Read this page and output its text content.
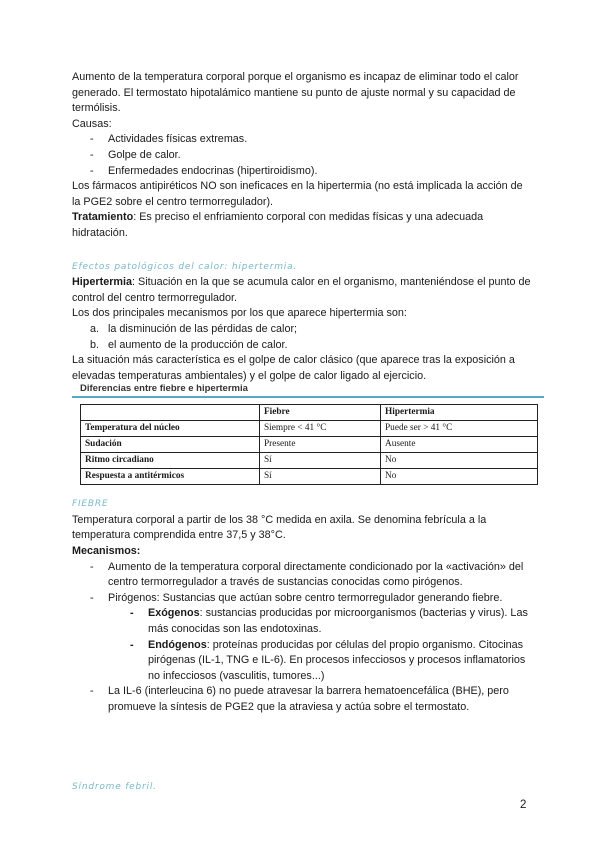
Aumento de la temperatura corporal porque el organismo es incapaz de eliminar todo el calor generado. El termostato hipotalámico mantiene su punto de ajuste normal y su capacidad de termólisis.

Causas:

- Actividades físicas extremas.
- Golpe de calor.
- Enfermedades endocrinas (hipertiroidismo).

Los fármacos antipiréticos NO son ineficaces en la hipertermia (no está implicada la acción de la PGE2 sobre el centro termorregulador).

Tratamiento: Es preciso el enfriamiento corporal con medidas físicas y una adecuada hidratación.

Efectos patológicos del calor: hipertermia.

Hipertermia: Situación en la que se acumula calor en el organismo, manteniéndose el punto de control del centro termorregulador.

Los dos principales mecanismos por los que aparece hipertermia son:

a. la disminución de las pérdidas de calor;
b. el aumento de la producción de calor.

La situación más característica es el golpe de calor clásico (que aparece tras la exposición a elevadas temperaturas ambientales) y el golpe de calor ligado al ejercicio.

Diferencias entre fiebre e hipertermia
	Fiebre	Hipertermia
Temperatura del núcleo	Siempre < 41 °C	Puede ser > 41 °C
Sudación	Presente	Ausente
Ritmo circadiano	Sí	No
Respuesta a antitérmicos	Sí	No

FIEBRE

Temperatura corporal a partir de los 38 °C medida en axila. Se denomina febrícula a la temperatura comprendida entre 37,5 y 38°C.

Mecanismos:

- Aumento de la temperatura corporal directamente condicionado por la «activación» del centro termorregulador a través de sustancias conocidas como pirógenos.
- Pirógenos: Sustancias que actúan sobre centro termorregulador generando fiebre.
- Exógenos: sustancias producidas por microorganismos (bacterias y virus). Las más conocidas son las endotoxinas.
- Endógenos: proteínas producidas por células del propio organismo. Citocinas pirógenas (IL-1, TNG e IL-6). En procesos infecciosos y procesos inflamatorios no infecciosos (vasculitis, tumores...)
- La IL-6 (interleucina 6) no puede atravesar la barrera hematoencefálica (BHE), pero promueve la síntesis de PGE2 que la atraviesa y actúa sobre el termostato.

Síndrome febril.

2
